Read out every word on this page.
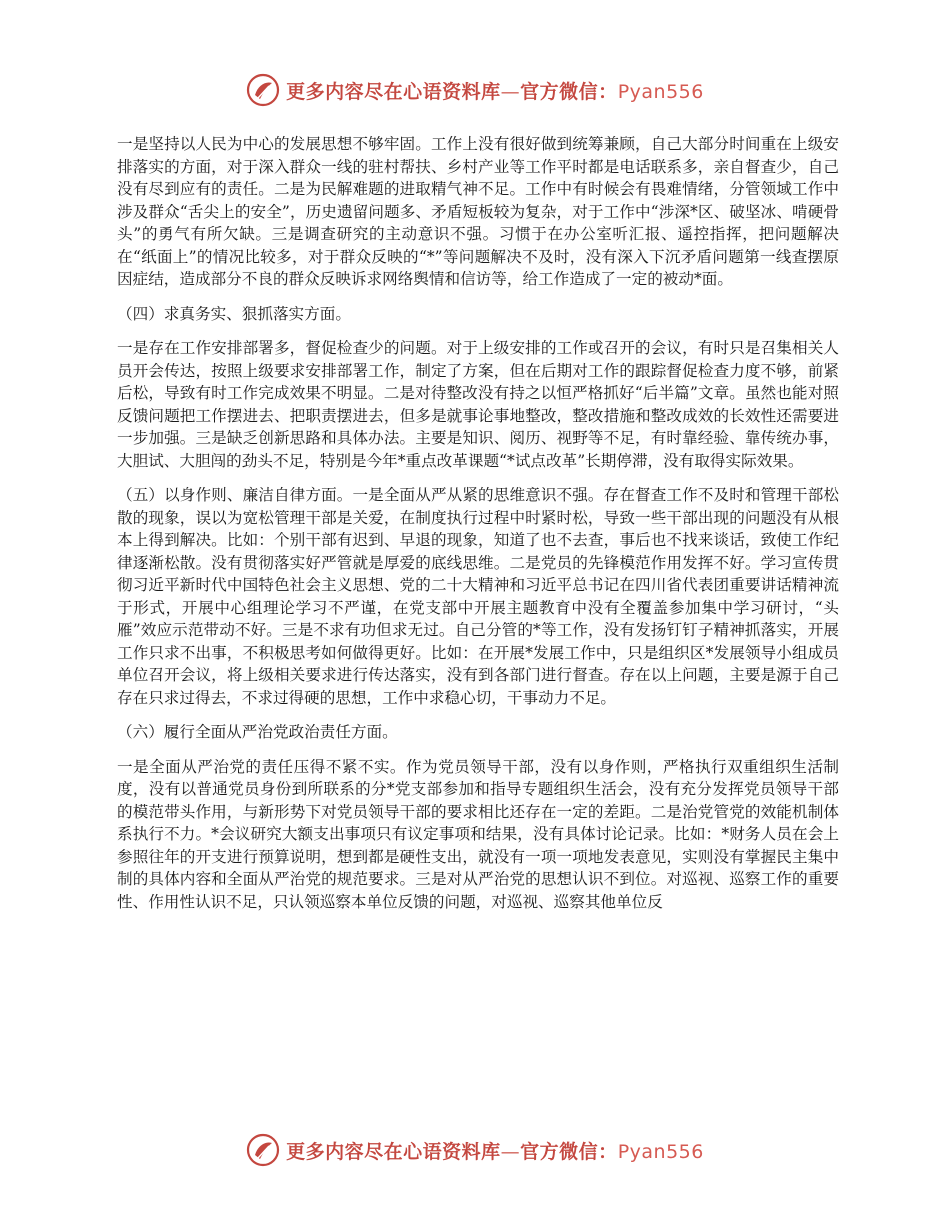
更多内容尽在心语资料库—官方微信：Pyan556

一是坚持以人民为中心的发展思想不够牢固。工作上没有很好做到统筹兼顾，自己大部分时间重在上级安排落实的方面，对于深入群众一线的驻村帮扶、乡村产业等工作平时都是电话联系多，亲自督查少，自己没有尽到应有的责任。二是为民解难题的进取精气神不足。工作中有时候会有畏难情绪，分管领域工作中涉及群众“舌尖上的安全”，历史遗留问题多、矛盾短板较为复杂，对于工作中“涉深*区、破坚冰、啃硬骨头”的勇气有所欠缺。三是调查研究的主动意识不强。习惯于在办公室听汇报、遥控指挥，把问题解决在“纸面上”的情况比较多，对于群众反映的“*”等问题解决不及时，没有深入下沉矛盾问题第一线查摆原因症结，造成部分不良的群众反映诉求网络舆情和信访等，给工作造成了一定的被动*面。

（四）求真务实、狠抓落实方面。

一是存在工作安排部署多，督促检查少的问题。对于上级安排的工作或召开的会议，有时只是召集相关人员开会传达，按照上级要求安排部署工作，制定了方案，但在后期对工作的跟踪督促检查力度不够，前紧后松，导致有时工作完成效果不明显。二是对待整改没有持之以恒严格抓好“后半篇”文章。虽然也能对照反馈问题把工作摆进去、把职责摆进去，但多是就事论事地整改，整改措施和整改成效的长效性还需要进一步加强。三是缺乏创新思路和具体办法。主要是知识、阅历、视野等不足，有时靠经验、靠传统办事，大胆试、大胆闯的劲头不足，特别是今年*重点改革课题“*试点改革”长期停滞，没有取得实际效果。

（五）以身作则、廉洁自律方面。一是全面从严从紧的思维意识不强。存在督查工作不及时和管理干部松散的现象，误以为宽松管理干部是关爱，在制度执行过程中时紧时松，导致一些干部出现的问题没有从根本上得到解决。比如：个别干部有迟到、早退的现象，知道了也不去查，事后也不找来谈话，致使工作纪律逐渐松散。没有贯彻落实好严管就是厚爱的底线思维。二是党员的先锋模范作用发挥不好。学习宣传贯彻习近平新时代中国特色社会主义思想、党的二十大精神和习近平总书记在四川省代表团重要讲话精神流于形式，开展中心组理论学习不严谨，在党支部中开展主题教育中没有全覆盖参加集中学习研讨，“头雁”效应示范带动不好。三是不求有功但求无过。自己分管的*等工作，没有发扬钉钉子精神抓落实，开展工作只求不出事，不积极思考如何做得更好。比如：在开展*发展工作中，只是组织区*发展领导小组成员单位召开会议，将上级相关要求进行传达落实，没有到各部门进行督查。存在以上问题，主要是源于自己存在只求过得去，不求过得硬的思想，工作中求稳心切，干事动力不足。

（六）履行全面从严治党政治责任方面。

一是全面从严治党的责任压得不紧不实。作为党员领导干部，没有以身作则，严格执行双重组织生活制度，没有以普通党员身份到所联系的分*党支部参加和指导专题组织生活会，没有充分发挥党员领导干部的模范带头作用，与新形势下对党员领导干部的要求相比还存在一定的差距。二是治党管党的效能机制体系执行不力。*会议研究大额支出事项只有议定事项和结果，没有具体讨论记录。比如：*财务人员在会上参照往年的开支进行预算说明，想到都是硬性支出，就没有一项一项地发表意见，实则没有掌握民主集中制的具体内容和全面从严治党的规范要求。三是对从严治党的思想认识不到位。对巡视、巡察工作的重要性、作用性认识不足，只认领巡察本单位反馈的问题，对巡视、巡察其他单位反

更多内容尽在心语资料库—官方微信：Pyan556
